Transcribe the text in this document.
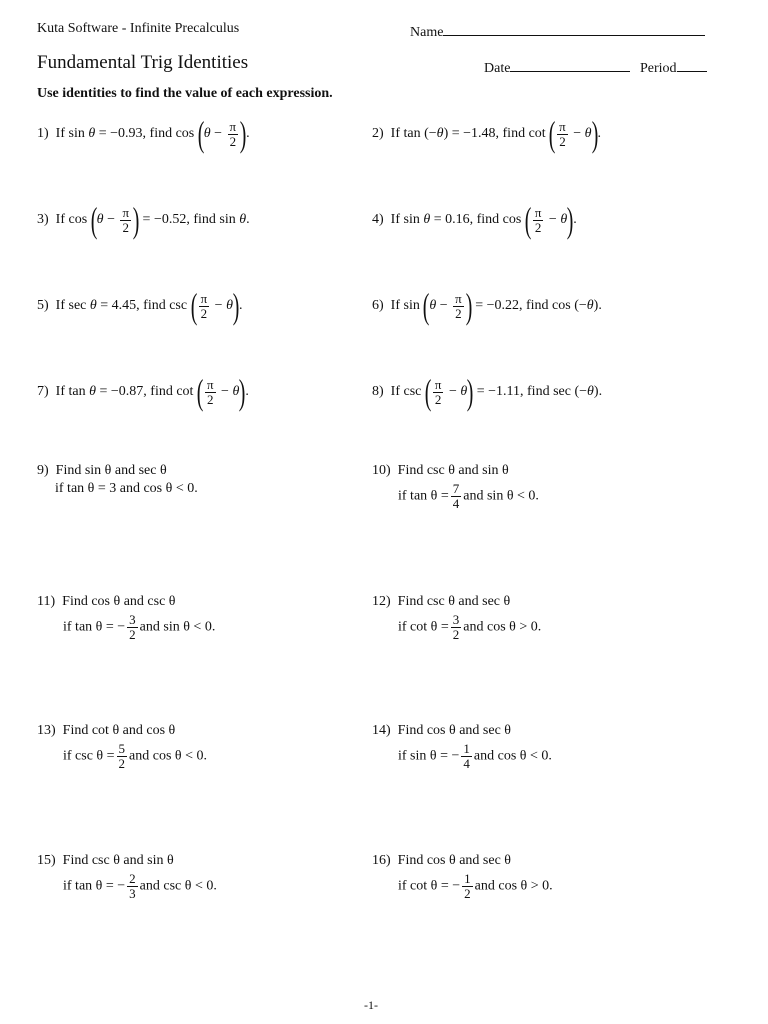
Kuta Software - Infinite Precalculus	Name
Fundamental Trig Identities	Date	Period
Use identities to find the value of each expression.
1) If sin θ = −0.93, find $\cos (\theta - \frac{\pi}{2}$ ).	2) If tan (−θ) = −1.48, find cot ( $\frac{\pi}{2} - \theta$).
3) If $\cos (\theta - \frac{\pi}{2}$ ) = −0.52, find sin θ.	4) If sin θ = 0.16, find cos ( $\frac{\pi}{2} - \theta$).
5) If sec θ = 4.45, find csc ( $\frac{\pi}{2} - \theta$).	6) If $\sin (\theta - \frac{\pi}{2}$ ) = −0.22, find cos (−θ).
7) If tan θ = −0.87, find cot ( $\frac{\pi}{2} - \theta$).	8) If csc ( $\frac{\pi}{2} - \theta) = -1.11$, find sec (−θ).
9) Find sin θ and sec θ
if tan θ = 3 and cos θ < 0.
10) Find csc θ and sin θ
if $\tan \theta = \frac{7}{4}$ and sin θ < 0.
11) Find cos θ and csc θ
if tan θ = − $\frac{3}{2}$ and sin θ < 0.
12) Find csc θ and sec θ
if $\cot \theta = \frac{3}{2}$ and cos θ > 0.
13) Find cot θ and cos θ
if $\csc \theta = \frac{5}{2}$ and cos θ < 0.
14) Find cos θ and sec θ
if sin θ = − $\frac{1}{4}$ and cos θ < 0.
15) Find csc θ and sin θ
if tan θ = − $\frac{2}{3}$ and csc θ < 0.
16) Find cos θ and sec θ
if cot θ = − $\frac{1}{2}$ and cos θ > 0.
-1-
